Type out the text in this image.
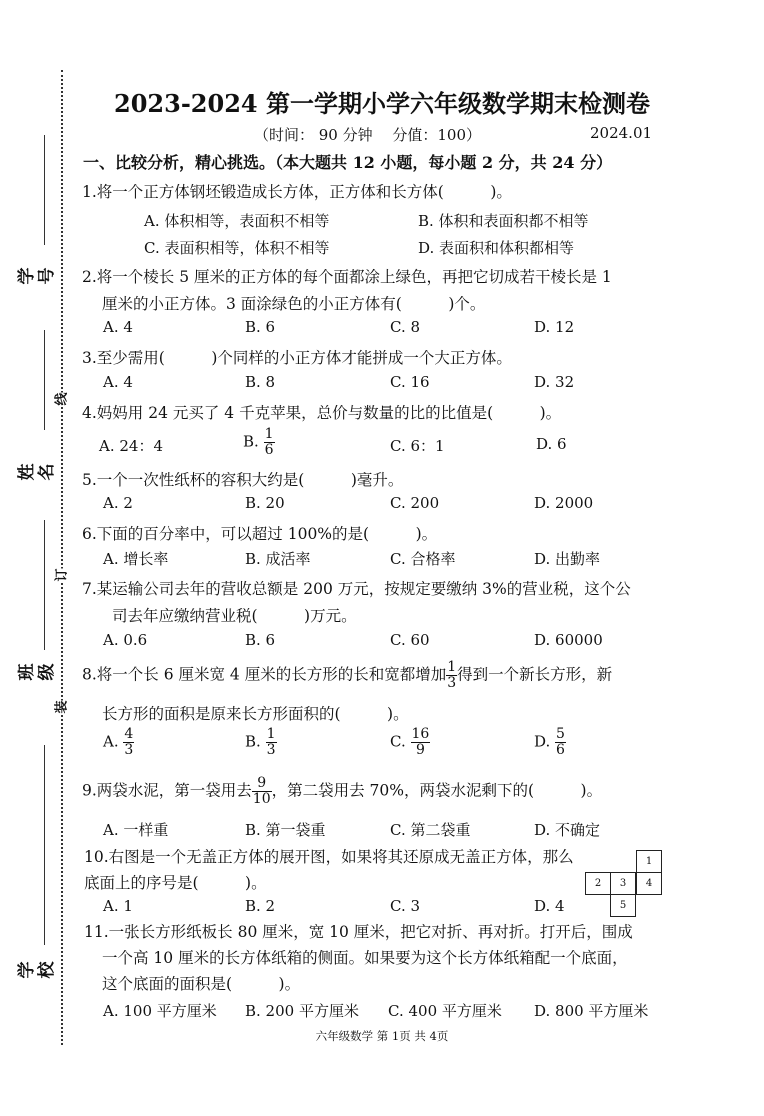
学号
姓名
班级
学校
线
订
装
2023-2024 第一学期小学六年级数学期末检测卷
（时间： 90 分钟　 分值：100）	2024.01
一、比较分析，精心挑选。（本大题共 12 小题，每小题 2 分，共 24 分）
1.将一个正方体钢坯锻造成长方体，正方体和长方体(　　　)。
A. 体积相等，表面积不相等	B. 体积和表面积都不相等
C. 表面积相等，体积不相等	D. 表面积和体积都相等
2.将一个棱长 5 厘米的正方体的每个面都涂上绿色，再把它切成若干棱长是 1
厘米的小正方体。3 面涂绿色的小正方体有(　　　)个。
A. 4	B. 6	C. 8	D. 12
3.至少需用(　　　)个同样的小正方体才能拼成一个大正方体。
A. 4	B. 8	C. 16	D. 32
4.妈妈用 24 元买了 4 千克苹果，总价与数量的比的比值是(　　　)。
A. 24：4	B. $\frac{1}{6}$	C. 6：1	D. 6
5.一个一次性纸杯的容积大约是(　　　)毫升。
A. 2	B. 20	C. 200	D. 2000
6.下面的百分率中，可以超过 100%的是(　　　)。
A. 增长率	B. 成活率	C. 合格率	D. 出勤率
7.某运输公司去年的营收总额是 200 万元，按规定要缴纳 3%的营业税，这个公
司去年应缴纳营业税(　　　)万元。
A. 0.6	B. 6	C. 60	D. 60000
8.将一个长 6 厘米宽 4 厘米的长方形的长和宽都增加 $\frac{1}{3}$ 得到一个新长方形，新
长方形的面积是原来长方形面积的(　　　)。
A. $\frac{4}{3}$	B. $\frac{1}{3}$	C. $\frac{16}{9}$	D. $\frac{5}{6}$
9.两袋水泥，第一袋用去 $\frac{9}{10}$ ，第二袋用去 70%，两袋水泥剩下的(　　　)。
A. 一样重	B. 第一袋重	C. 第二袋重	D. 不确定
10.右图是一个无盖正方体的展开图，如果将其还原成无盖正方体，那么
底面上的序号是(　　　)。
A. 1	B. 2	C. 3	D. 4
1
2	3	4
5
11.一张长方形纸板长 80 厘米，宽 10 厘米，把它对折、再对折。打开后，围成
一个高 10 厘米的长方体纸箱的侧面。如果要为这个长方体纸箱配一个底面，
这个底面的面积是(　　　)。
A. 100 平方厘米 B. 200 平方厘米 C. 400 平方厘米 D. 800 平方厘米
六年级数学 第 1页 共 4页
